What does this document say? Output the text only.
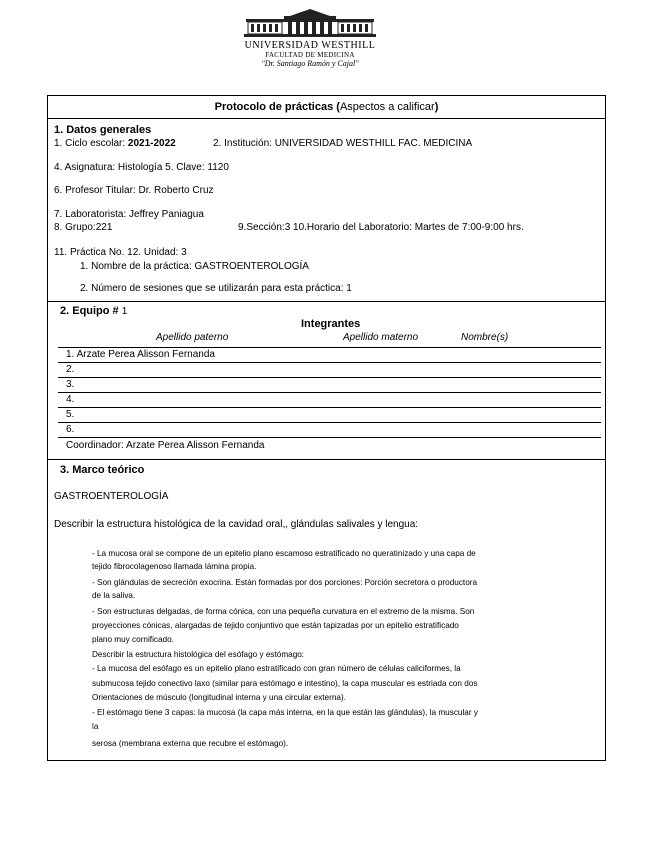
UNIVERSIDAD WESTHILL
FACULTAD DE MEDICINA
"Dr. Santiago Ramón y Cajal"
Protocolo de prácticas (Aspectos a calificar)
1. Datos generales
1. Ciclo escolar: 2021-2022	2. Institución: UNIVERSIDAD WESTHILL FAC. MEDICINA
4. Asignatura: Histología 5. Clave: 1120
6. Profesor Titular: Dr. Roberto Cruz
7. Laboratorista: Jeffrey Paniagua
8. Grupo:221	9.Sección:3 10.Horario del Laboratorio: Martes de 7:00-9:00 hrs.
11. Práctica No. 12. Unidad: 3
1. Nombre de la práctica: GASTROENTEROLOGÍA
2. Número de sesiones que se utilizarán para esta práctica: 1
2. Equipo # 1
Integrantes
Apellido paterno	Apellido materno	Nombre(s)
1. Arzate Perea Alisson Fernanda
2.
3.
4.
5.
6.
Coordinador: Arzate Perea Alisson Fernanda
3. Marco teórico
GASTROENTEROLOGÍA
Describir la estructura histológica de la cavidad oral,, glándulas salivales y lengua:
- La mucosa oral se compone de un epitelio plano escamoso estratificado no queratinizado y una capa de
tejido fibrocolagenoso llamada lámina propia.
- Son glándulas de secreción exocrina. Están formadas por dos porciones: Porción secretora o productora
de la saliva.
- Son estructuras delgadas, de forma cónica, con una pequeña curvatura en el extremo de la misma. Son
proyecciones cónicas, alargadas de tejido conjuntivo que están tapizadas por un epitelio estratificado
plano muy cornificado.
Describir la estructura histológica del esófago y estómago:
- La mucosa del esófago es un epitelio plano estratificado con gran número de células caliciformes, la
submucosa tejido conectivo laxo (similar para estómago e intestino), la capa muscular es estriada con dos
Orientaciones de músculo (longitudinal interna y una circular externa).
- El estómago tiene 3 capas: la mucosa (la capa más interna, en la que están las glándulas), la muscular y
la
serosa (membrana externa que recubre el estómago).
